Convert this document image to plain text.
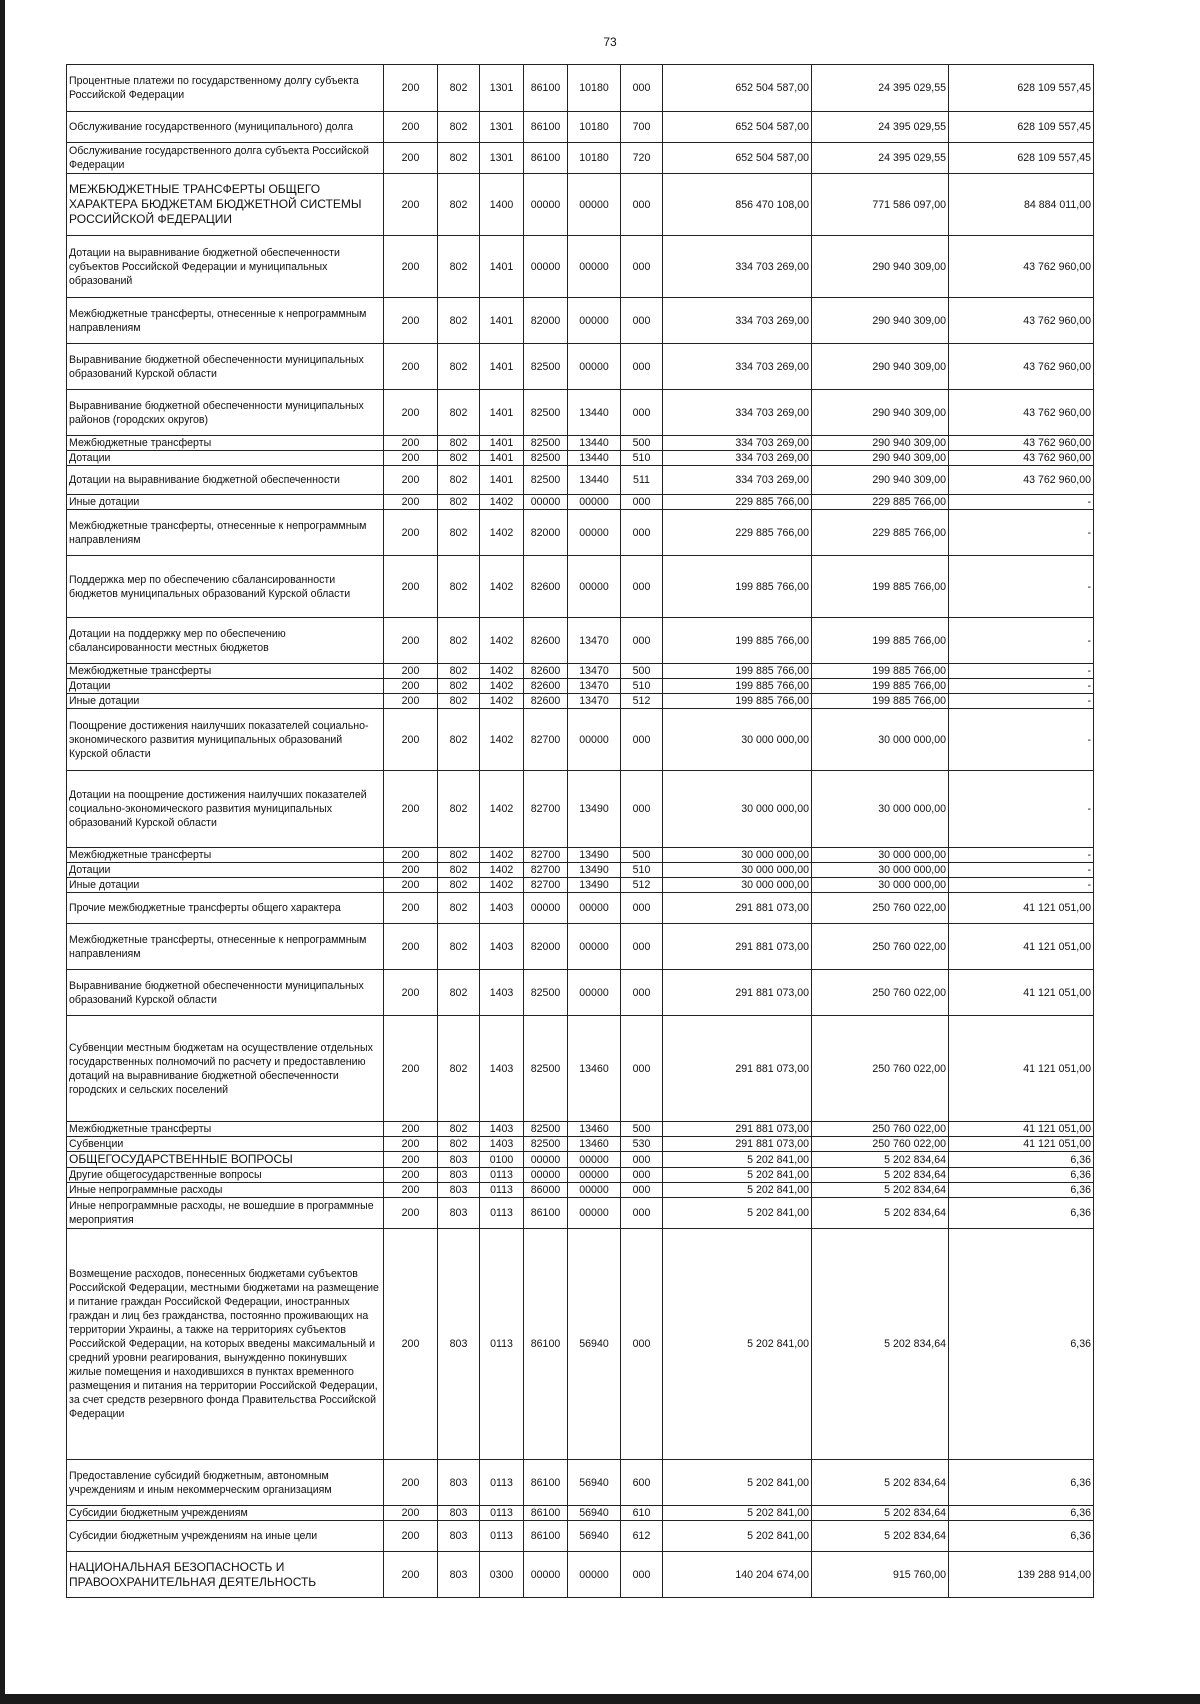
73
Процентные платежи по государственному долгу субъекта Российской Федерации	200	802	1301	86100	10180	000	652 504 587,00	24 395 029,55	628 109 557,45
Обслуживание государственного (муниципального) долга	200	802	1301	86100	10180	700	652 504 587,00	24 395 029,55	628 109 557,45
Обслуживание государственного долга субъекта Российской Федерации	200	802	1301	86100	10180	720	652 504 587,00	24 395 029,55	628 109 557,45
МЕЖБЮДЖЕТНЫЕ ТРАНСФЕРТЫ ОБЩЕГО ХАРАКТЕРА БЮДЖЕТАМ БЮДЖЕТНОЙ СИСТЕМЫ РОССИЙСКОЙ ФЕДЕРАЦИИ	200	802	1400	00000	00000	000	856 470 108,00	771 586 097,00	84 884 011,00
Дотации на выравнивание бюджетной обеспеченности субъектов Российской Федерации и муниципальных образований	200	802	1401	00000	00000	000	334 703 269,00	290 940 309,00	43 762 960,00
Межбюджетные трансферты, отнесенные к непрограммным направлениям	200	802	1401	82000	00000	000	334 703 269,00	290 940 309,00	43 762 960,00
Выравнивание бюджетной обеспеченности муниципальных образований Курской области	200	802	1401	82500	00000	000	334 703 269,00	290 940 309,00	43 762 960,00
Выравнивание бюджетной обеспеченности муниципальных районов (городских округов)	200	802	1401	82500	13440	000	334 703 269,00	290 940 309,00	43 762 960,00
Межбюджетные трансферты	200	802	1401	82500	13440	500	334 703 269,00	290 940 309,00	43 762 960,00
Дотации	200	802	1401	82500	13440	510	334 703 269,00	290 940 309,00	43 762 960,00
Дотации на выравнивание бюджетной обеспеченности	200	802	1401	82500	13440	511	334 703 269,00	290 940 309,00	43 762 960,00
Иные дотации	200	802	1402	00000	00000	000	229 885 766,00	229 885 766,00	-
Межбюджетные трансферты, отнесенные к непрограммным направлениям	200	802	1402	82000	00000	000	229 885 766,00	229 885 766,00	-
Поддержка мер по обеспечению сбалансированности бюджетов муниципальных образований Курской области	200	802	1402	82600	00000	000	199 885 766,00	199 885 766,00	-
Дотации на поддержку мер по обеспечению сбалансированности местных бюджетов	200	802	1402	82600	13470	000	199 885 766,00	199 885 766,00	-
Межбюджетные трансферты	200	802	1402	82600	13470	500	199 885 766,00	199 885 766,00	-
Дотации	200	802	1402	82600	13470	510	199 885 766,00	199 885 766,00	-
Иные дотации	200	802	1402	82600	13470	512	199 885 766,00	199 885 766,00	-
Поощрение достижения наилучших показателей социально-экономического развития муниципальных образований Курской области	200	802	1402	82700	00000	000	30 000 000,00	30 000 000,00	-
Дотации на поощрение достижения наилучших показателей социально-экономического развития муниципальных образований Курской области	200	802	1402	82700	13490	000	30 000 000,00	30 000 000,00	-
Межбюджетные трансферты	200	802	1402	82700	13490	500	30 000 000,00	30 000 000,00	-
Дотации	200	802	1402	82700	13490	510	30 000 000,00	30 000 000,00	-
Иные дотации	200	802	1402	82700	13490	512	30 000 000,00	30 000 000,00	-
Прочие межбюджетные трансферты общего характера	200	802	1403	00000	00000	000	291 881 073,00	250 760 022,00	41 121 051,00
Межбюджетные трансферты, отнесенные к непрограммным направлениям	200	802	1403	82000	00000	000	291 881 073,00	250 760 022,00	41 121 051,00
Выравнивание бюджетной обеспеченности муниципальных образований Курской области	200	802	1403	82500	00000	000	291 881 073,00	250 760 022,00	41 121 051,00
Субвенции местным бюджетам на осуществление отдельных государственных полномочий по расчету и предоставлению дотаций на выравнивание бюджетной обеспеченности городских и сельских поселений	200	802	1403	82500	13460	000	291 881 073,00	250 760 022,00	41 121 051,00
Межбюджетные трансферты	200	802	1403	82500	13460	500	291 881 073,00	250 760 022,00	41 121 051,00
Субвенции	200	802	1403	82500	13460	530	291 881 073,00	250 760 022,00	41 121 051,00
ОБЩЕГОСУДАРСТВЕННЫЕ ВОПРОСЫ	200	803	0100	00000	00000	000	5 202 841,00	5 202 834,64	6,36
Другие общегосударственные вопросы	200	803	0113	00000	00000	000	5 202 841,00	5 202 834,64	6,36
Иные непрограммные расходы	200	803	0113	86000	00000	000	5 202 841,00	5 202 834,64	6,36
Иные непрограммные расходы, не вошедшие в программные мероприятия	200	803	0113	86100	00000	000	5 202 841,00	5 202 834,64	6,36
Возмещение расходов, понесенных бюджетами субъектов Российской Федерации, местными бюджетами на размещение и питание граждан Российской Федерации, иностранных граждан и лиц без гражданства, постоянно проживающих на территории Украины, а также на территориях субъектов Российской Федерации, на которых введены максимальный и средний уровни реагирования, вынужденно покинувших жилые помещения и находившихся в пунктах временного размещения и питания на территории Российской Федерации, за счет средств резервного фонда Правительства Российской Федерации	200	803	0113	86100	56940	000	5 202 841,00	5 202 834,64	6,36
Предоставление субсидий бюджетным, автономным учреждениям и иным некоммерческим организациям	200	803	0113	86100	56940	600	5 202 841,00	5 202 834,64	6,36
Субсидии бюджетным учреждениям	200	803	0113	86100	56940	610	5 202 841,00	5 202 834,64	6,36
Субсидии бюджетным учреждениям на иные цели	200	803	0113	86100	56940	612	5 202 841,00	5 202 834,64	6,36
НАЦИОНАЛЬНАЯ БЕЗОПАСНОСТЬ И ПРАВООХРАНИТЕЛЬНАЯ ДЕЯТЕЛЬНОСТЬ	200	803	0300	00000	00000	000	140 204 674,00	915 760,00	139 288 914,00
